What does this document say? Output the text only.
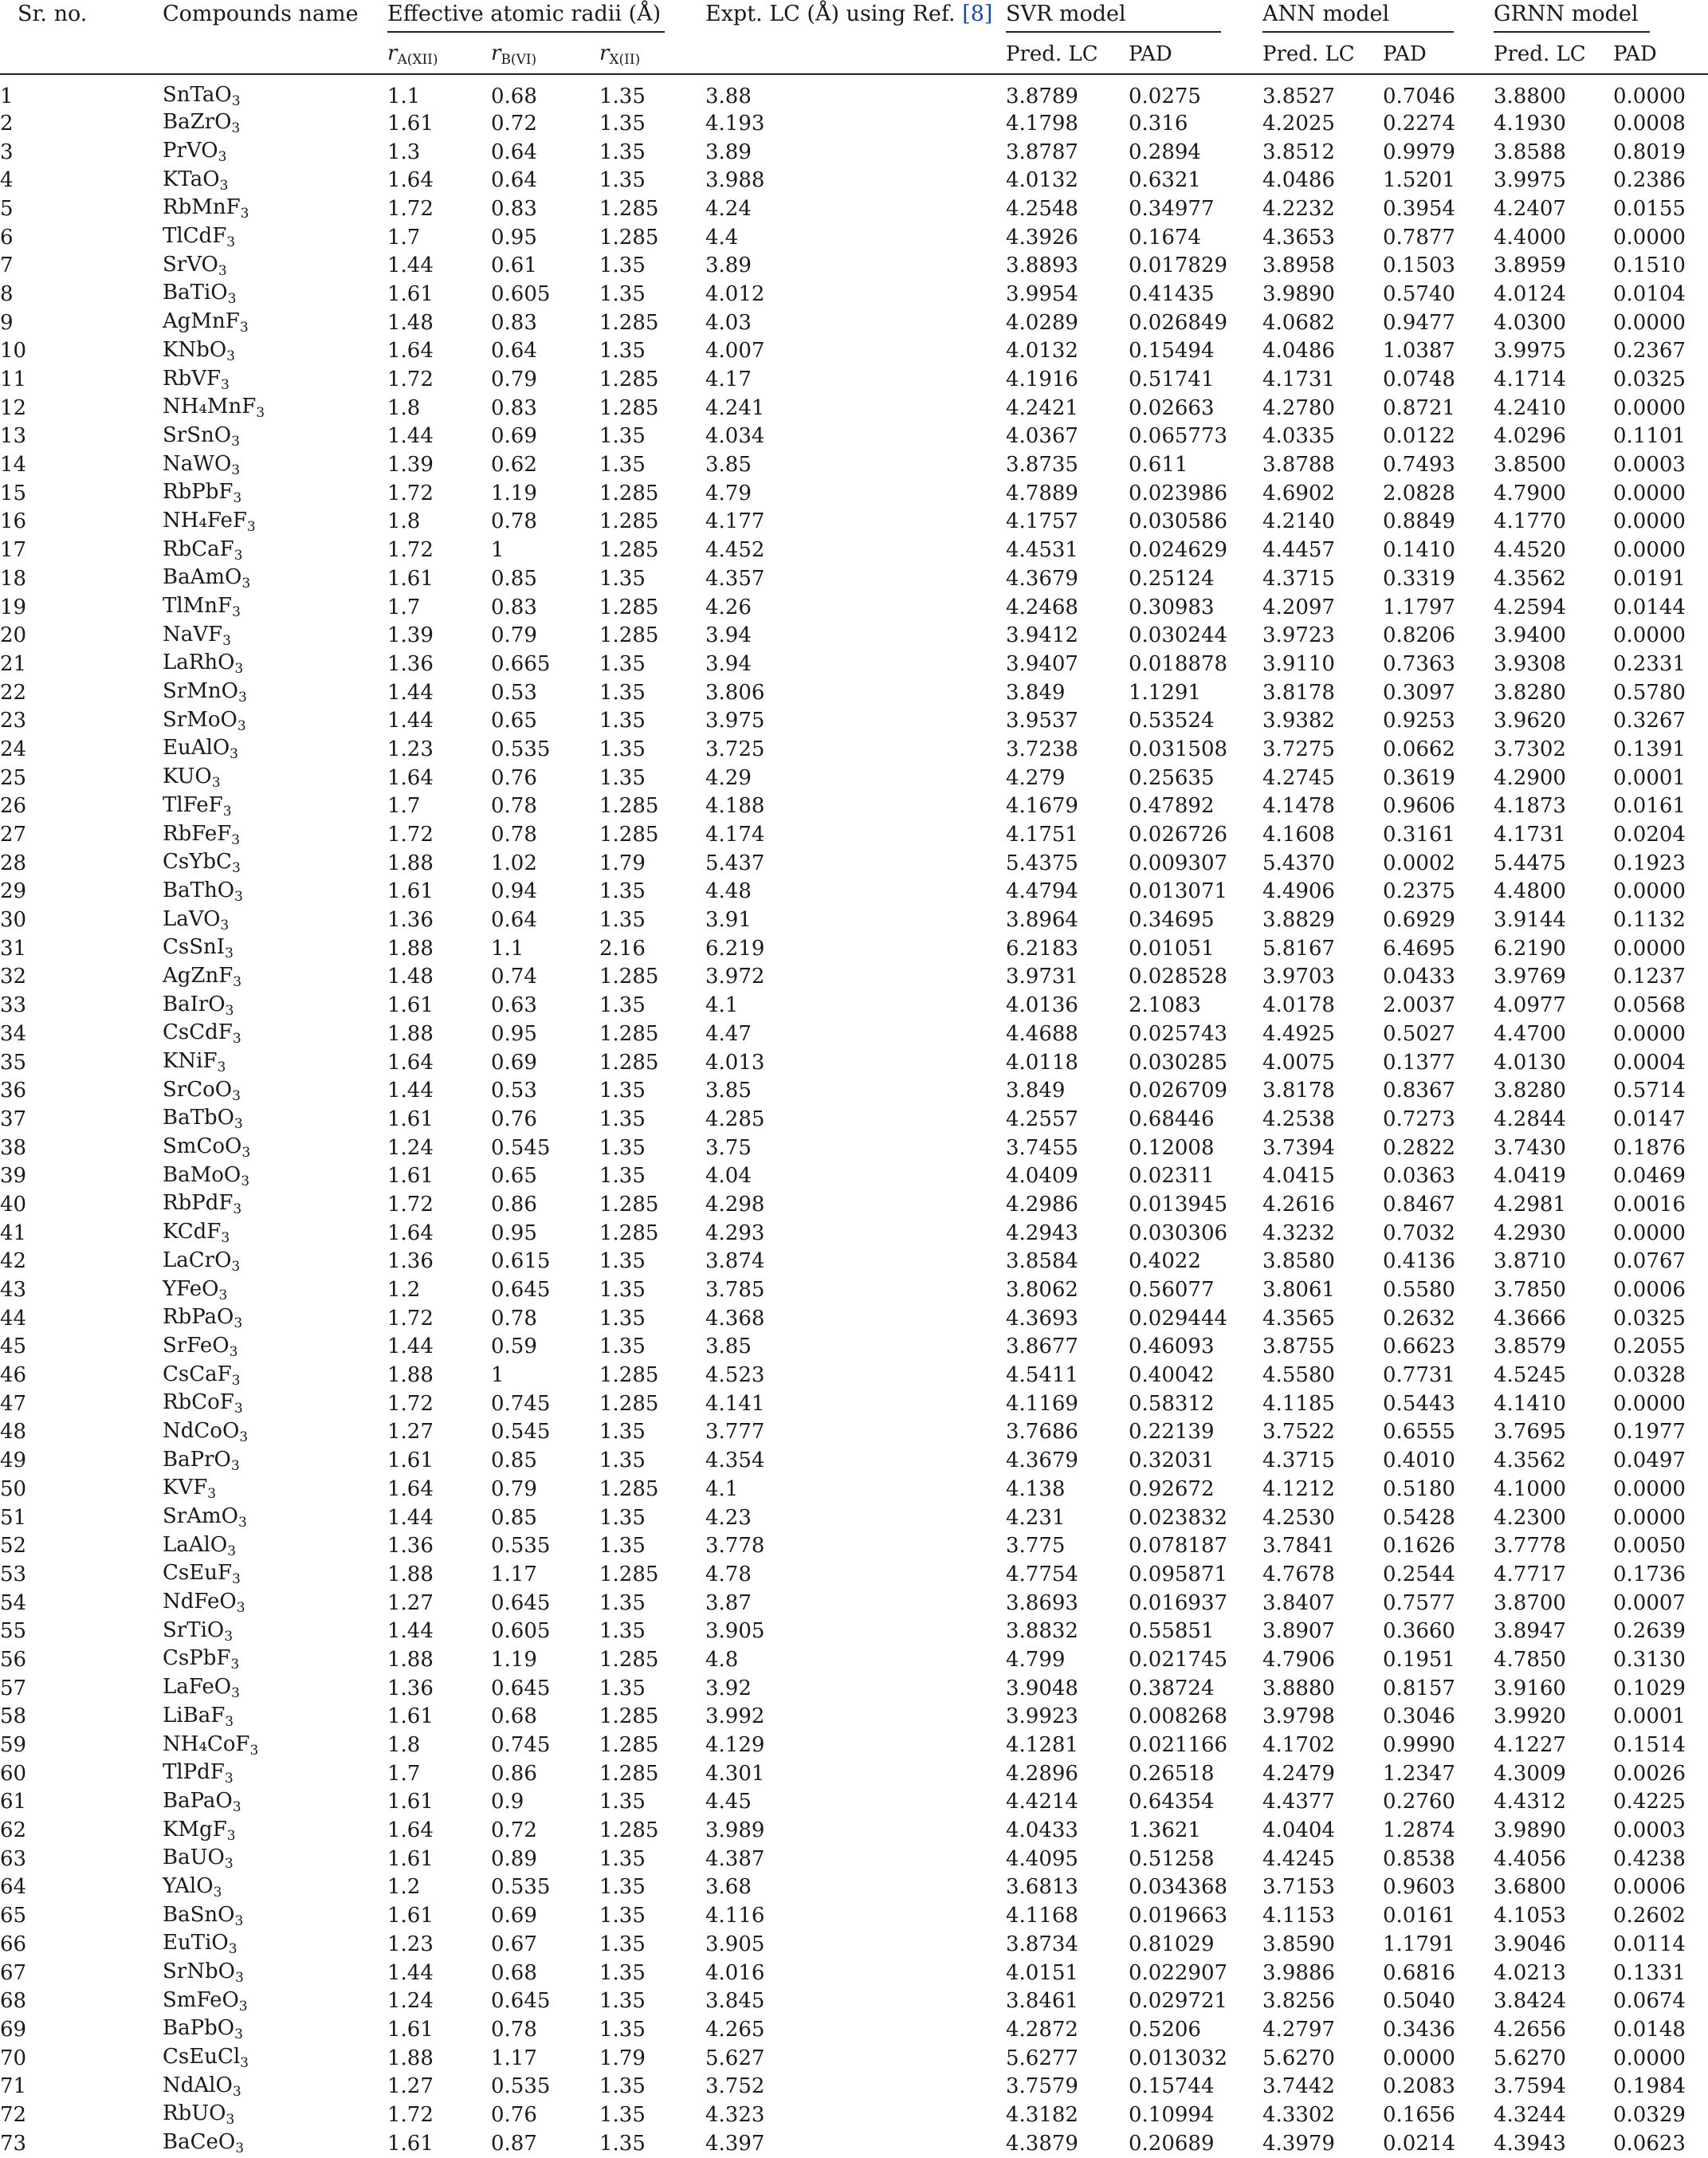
Sr. no.		Compounds name	Effective atomic radii (Å)			Expt. LC (Å) using Ref. [8]	SVR model		ANN model		GRNN model	
			$r_{A(XII)}$	$r_{B(VI)}$	$r_{X(II)}$		Pred. LC	PAD	Pred. LC	PAD	Pred. LC	PAD
1		SnTaO$_3$	1.1	0.68	1.35	3.88	3.8789	0.0275	3.8527	0.7046	3.8800	0.0000
2		BaZrO$_3$	1.61	0.72	1.35	4.193	4.1798	0.316	4.2025	0.2274	4.1930	0.0008
3		PrVO$_3$	1.3	0.64	1.35	3.89	3.8787	0.2894	3.8512	0.9979	3.8588	0.8019
4		KTaO$_3$	1.64	0.64	1.35	3.988	4.0132	0.6321	4.0486	1.5201	3.9975	0.2386
5		RbMnF$_3$	1.72	0.83	1.285	4.24	4.2548	0.34977	4.2232	0.3954	4.2407	0.0155
6		TlCdF$_3$	1.7	0.95	1.285	4.4	4.3926	0.1674	4.3653	0.7877	4.4000	0.0000
7		SrVO$_3$	1.44	0.61	1.35	3.89	3.8893	0.017829	3.8958	0.1503	3.8959	0.1510
8		BaTiO$_3$	1.61	0.605	1.35	4.012	3.9954	0.41435	3.9890	0.5740	4.0124	0.0104
9		AgMnF$_3$	1.48	0.83	1.285	4.03	4.0289	0.026849	4.0682	0.9477	4.0300	0.0000
10		KNbO$_3$	1.64	0.64	1.35	4.007	4.0132	0.15494	4.0486	1.0387	3.9975	0.2367
11		RbVF$_3$	1.72	0.79	1.285	4.17	4.1916	0.51741	4.1731	0.0748	4.1714	0.0325
12		NH₄MnF$_3$	1.8	0.83	1.285	4.241	4.2421	0.02663	4.2780	0.8721	4.2410	0.0000
13		SrSnO$_3$	1.44	0.69	1.35	4.034	4.0367	0.065773	4.0335	0.0122	4.0296	0.1101
14		NaWO$_3$	1.39	0.62	1.35	3.85	3.8735	0.611	3.8788	0.7493	3.8500	0.0003
15		RbPbF$_3$	1.72	1.19	1.285	4.79	4.7889	0.023986	4.6902	2.0828	4.7900	0.0000
16		NH₄FeF$_3$	1.8	0.78	1.285	4.177	4.1757	0.030586	4.2140	0.8849	4.1770	0.0000
17		RbCaF$_3$	1.72	1	1.285	4.452	4.4531	0.024629	4.4457	0.1410	4.4520	0.0000
18		BaAmO$_3$	1.61	0.85	1.35	4.357	4.3679	0.25124	4.3715	0.3319	4.3562	0.0191
19		TlMnF$_3$	1.7	0.83	1.285	4.26	4.2468	0.30983	4.2097	1.1797	4.2594	0.0144
20		NaVF$_3$	1.39	0.79	1.285	3.94	3.9412	0.030244	3.9723	0.8206	3.9400	0.0000
21		LaRhO$_3$	1.36	0.665	1.35	3.94	3.9407	0.018878	3.9110	0.7363	3.9308	0.2331
22		SrMnO$_3$	1.44	0.53	1.35	3.806	3.849	1.1291	3.8178	0.3097	3.8280	0.5780
23		SrMoO$_3$	1.44	0.65	1.35	3.975	3.9537	0.53524	3.9382	0.9253	3.9620	0.3267
24		EuAlO$_3$	1.23	0.535	1.35	3.725	3.7238	0.031508	3.7275	0.0662	3.7302	0.1391
25		$KUO_3$	1.64	0.76	1.35	4.29	4.279	0.25635	4.2745	0.3619	4.2900	0.0001
26		TlFeF$_3$	1.7	0.78	1.285	4.188	4.1679	0.47892	4.1478	0.9606	4.1873	0.0161
27		RbFeF$_3$	1.72	0.78	1.285	4.174	4.1751	0.026726	4.1608	0.3161	4.1731	0.0204
28		CsYbC$_3$	1.88	1.02	1.79	5.437	5.4375	0.009307	5.4370	0.0002	5.4475	0.1923
29		BaThO$_3$	1.61	0.94	1.35	4.48	4.4794	0.013071	4.4906	0.2375	4.4800	0.0000
30		LaVO$_3$	1.36	0.64	1.35	3.91	3.8964	0.34695	3.8829	0.6929	3.9144	0.1132
31		CsSnI$_3$	1.88	1.1	2.16	6.219	6.2183	0.01051	5.8167	6.4695	6.2190	0.0000
32		AgZnF$_3$	1.48	0.74	1.285	3.972	3.9731	0.028528	3.9703	0.0433	3.9769	0.1237
33		BaIrO$_3$	1.61	0.63	1.35	4.1	4.0136	2.1083	4.0178	2.0037	4.0977	0.0568
34		CsCdF$_3$	1.88	0.95	1.285	4.47	4.4688	0.025743	4.4925	0.5027	4.4700	0.0000
35		KNiF$_3$	1.64	0.69	1.285	4.013	4.0118	0.030285	4.0075	0.1377	4.0130	0.0004
36		SrCoO$_3$	1.44	0.53	1.35	3.85	3.849	0.026709	3.8178	0.8367	3.8280	0.5714
37		BaTbO$_3$	1.61	0.76	1.35	4.285	4.2557	0.68446	4.2538	0.7273	4.2844	0.0147
38		SmCoO$_3$	1.24	0.545	1.35	3.75	3.7455	0.12008	3.7394	0.2822	3.7430	0.1876
39		BaMoO$_3$	1.61	0.65	1.35	4.04	4.0409	0.02311	4.0415	0.0363	4.0419	0.0469
40		RbPdF$_3$	1.72	0.86	1.285	4.298	4.2986	0.013945	4.2616	0.8467	4.2981	0.0016
41		KCdF$_3$	1.64	0.95	1.285	4.293	4.2943	0.030306	4.3232	0.7032	4.2930	0.0000
42		LaCrO$_3$	1.36	0.615	1.35	3.874	3.8584	0.4022	3.8580	0.4136	3.8710	0.0767
43		YFeO$_3$	1.2	0.645	1.35	3.785	3.8062	0.56077	3.8061	0.5580	3.7850	0.0006
44		RbPaO$_3$	1.72	0.78	1.35	4.368	4.3693	0.029444	4.3565	0.2632	4.3666	0.0325
45		SrFeO$_3$	1.44	0.59	1.35	3.85	3.8677	0.46093	3.8755	0.6623	3.8579	0.2055
46		CsCaF$_3$	1.88	1	1.285	4.523	4.5411	0.40042	4.5580	0.7731	4.5245	0.0328
47		RbCoF$_3$	1.72	0.745	1.285	4.141	4.1169	0.58312	4.1185	0.5443	4.1410	0.0000
48		NdCoO$_3$	1.27	0.545	1.35	3.777	3.7686	0.22139	3.7522	0.6555	3.7695	0.1977
49		BaPrO$_3$	1.61	0.85	1.35	4.354	4.3679	0.32031	4.3715	0.4010	4.3562	0.0497
50		$KVF_3$	1.64	0.79	1.285	4.1	4.138	0.92672	4.1212	0.5180	4.1000	0.0000
51		SrAmO$_3$	1.44	0.85	1.35	4.23	4.231	0.023832	4.2530	0.5428	4.2300	0.0000
52		LaAlO$_3$	1.36	0.535	1.35	3.778	3.775	0.078187	3.7841	0.1626	3.7778	0.0050
53		CsEuF$_3$	1.88	1.17	1.285	4.78	4.7754	0.095871	4.7678	0.2544	4.7717	0.1736
54		NdFeO$_3$	1.27	0.645	1.35	3.87	3.8693	0.016937	3.8407	0.7577	3.8700	0.0007
55		SrTiO$_3$	1.44	0.605	1.35	3.905	3.8832	0.55851	3.8907	0.3660	3.8947	0.2639
56		CsPbF$_3$	1.88	1.19	1.285	4.8	4.799	0.021745	4.7906	0.1951	4.7850	0.3130
57		LaFeO$_3$	1.36	0.645	1.35	3.92	3.9048	0.38724	3.8880	0.8157	3.9160	0.1029
58		LiBaF$_3$	1.61	0.68	1.285	3.992	3.9923	0.008268	3.9798	0.3046	3.9920	0.0001
59		NH₄CoF$_3$	1.8	0.745	1.285	4.129	4.1281	0.021166	4.1702	0.9990	4.1227	0.1514
60		TlPdF$_3$	1.7	0.86	1.285	4.301	4.2896	0.26518	4.2479	1.2347	4.3009	0.0026
61		BaPaO$_3$	1.61	0.9	1.35	4.45	4.4214	0.64354	4.4377	0.2760	4.4312	0.4225
62		KMgF$_3$	1.64	0.72	1.285	3.989	4.0433	1.3621	4.0404	1.2874	3.9890	0.0003
63		BaUO$_3$	1.61	0.89	1.35	4.387	4.4095	0.51258	4.4245	0.8538	4.4056	0.4238
64		YAlO$_3$	1.2	0.535	1.35	3.68	3.6813	0.034368	3.7153	0.9603	3.6800	0.0006
65		BaSnO$_3$	1.61	0.69	1.35	4.116	4.1168	0.019663	4.1153	0.0161	4.1053	0.2602
66		EuTiO$_3$	1.23	0.67	1.35	3.905	3.8734	0.81029	3.8590	1.1791	3.9046	0.0114
67		SrNbO$_3$	1.44	0.68	1.35	4.016	4.0151	0.022907	3.9886	0.6816	4.0213	0.1331
68		SmFeO$_3$	1.24	0.645	1.35	3.845	3.8461	0.029721	3.8256	0.5040	3.8424	0.0674
69		BaPbO$_3$	1.61	0.78	1.35	4.265	4.2872	0.5206	4.2797	0.3436	4.2656	0.0148
70		CsEuCl$_3$	1.88	1.17	1.79	5.627	5.6277	0.013032	5.6270	0.0000	5.6270	0.0000
71		NdAlO$_3$	1.27	0.535	1.35	3.752	3.7579	0.15744	3.7442	0.2083	3.7594	0.1984
72		RbUO$_3$	1.72	0.76	1.35	4.323	4.3182	0.10994	4.3302	0.1656	4.3244	0.0329
73		BaCeO$_3$	1.61	0.87	1.35	4.397	4.3879	0.20689	4.3979	0.0214	4.3943	0.0623
